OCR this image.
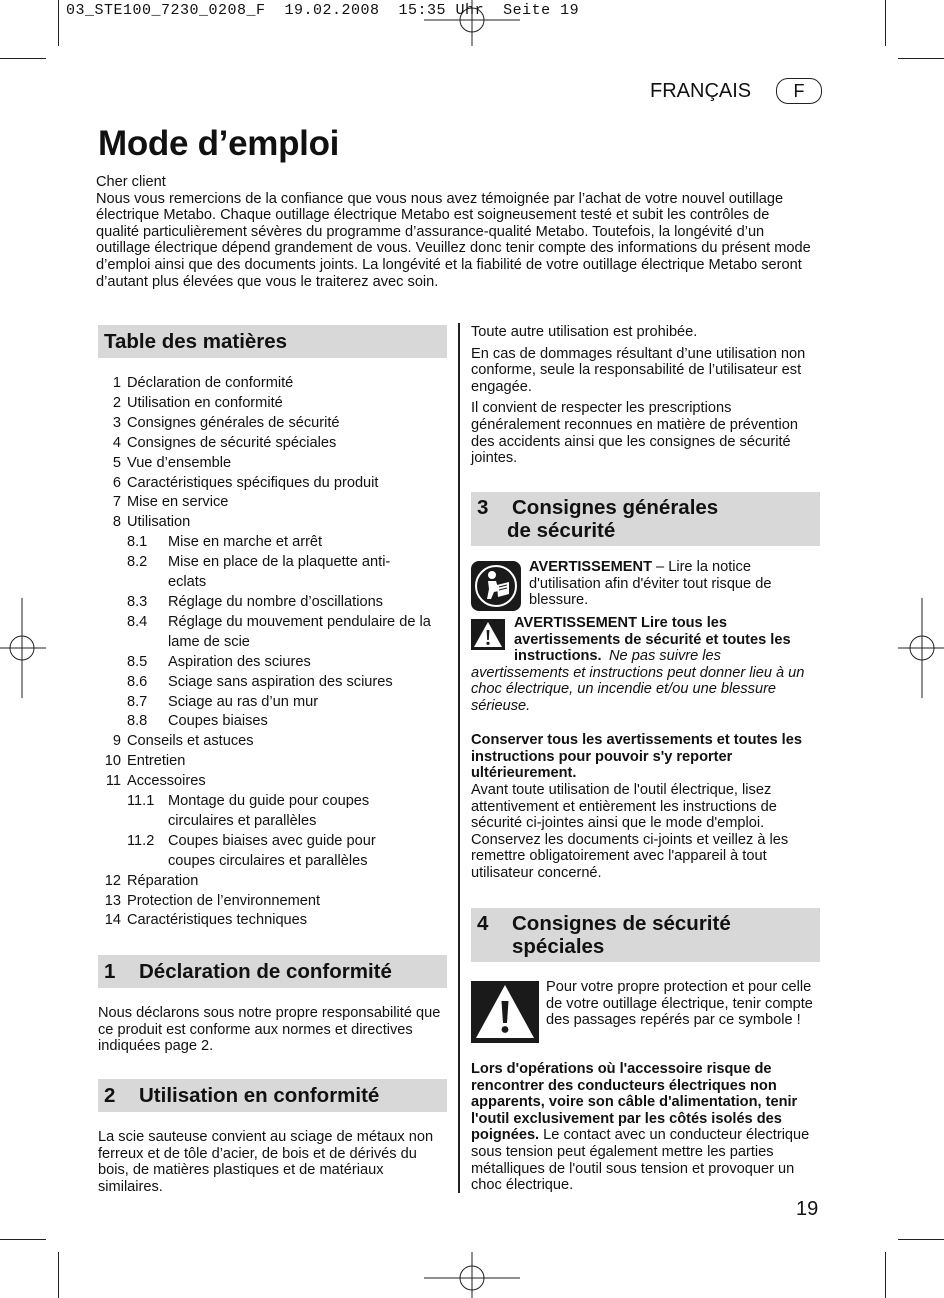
03_STE100_7230_0208_F  19.02.2008  15:35 Uhr  Seite 19
FRANÇAIS	F
Mode d’emploi

Cher client

Nous vous remercions de la confiance que vous nous avez témoignée par l’achat de votre nouvel outillage électrique Metabo. Chaque outillage électrique Metabo est soigneusement testé et subit les contrôles de qualité particulièrement sévères du programme d’assurance-qualité Metabo. Toutefois, la longévité d’un outillage électrique dépend grandement de vous. Veuillez donc tenir compte des informations du présent mode d’emploi ainsi que des documents joints. La longévité et la fiabilité de votre outillage électrique Metabo seront d’autant plus élevées que vous le traiterez avec soin.

Table des matières
1 Déclaration de conformité
2 Utilisation en conformité
3 Consignes générales de sécurité
4 Consignes de sécurité spéciales
5 Vue d’ensemble
6 Caractéristiques spécifiques du produit
7 Mise en service
8 Utilisation
8.1	Mise en marche et arrêt
8.2	Mise en place de la plaquette anti-eclats
8.3	Réglage du nombre d’oscillations
8.4	Réglage du mouvement pendulaire de la lame de scie
8.5	Aspiration des sciures
8.6	Sciage sans aspiration des sciures
8.7	Sciage au ras d’un mur
8.8	Coupes biaises
9 Conseils et astuces
10 Entretien
11 Accessoires
11.1 Montage du guide pour coupes circulaires et parallèles
11.2 Coupes biaises avec guide pour coupes circulaires et parallèles
12 Réparation
13 Protection de l’environnement
14 Caractéristiques techniques
1	Déclaration de conformité
Nous déclarons sous notre propre responsabilité que ce produit est conforme aux normes et directives indiquées page 2.
2	Utilisation en conformité
La scie sauteuse convient au sciage de métaux non ferreux et de tôle d’acier, de bois et de dérivés du bois, de matières plastiques et de matériaux similaires.

Toute autre utilisation est prohibée.

En cas de dommages résultant d’une utilisation non conforme, seule la responsabilité de l’utilisateur est engagée.

Il convient de respecter les prescriptions généralement reconnues en matière de prévention des accidents ainsi que les consignes de sécurité jointes.

3 Consignes générales
de sécurité
AVERTISSEMENT – Lire la notice d'utilisation afin d'éviter tout risque de blessure.
AVERTISSEMENT Lire tous les avertissements de sécurité et toutes les instructions. Ne pas suivre les avertissements et instructions peut donner lieu à un choc électrique, un incendie et/ou une blessure sérieuse.
Conserver tous les avertissements et toutes les instructions pour pouvoir s'y reporter ultérieurement.
Avant toute utilisation de l'outil électrique, lisez attentivement et entièrement les instructions de sécurité ci-jointes ainsi que le mode d'emploi. Conservez les documents ci-joints et veillez à les remettre obligatoirement avec l'appareil à tout utilisateur concerné.
4	Consignes de sécurité
spéciales
Pour votre propre protection et pour celle de votre outillage électrique, tenir compte des passages repérés par ce symbole !
Lors d'opérations où l'accessoire risque de rencontrer des conducteurs électriques non apparents, voire son câble d'alimentation, tenir l'outil exclusivement par les côtés isolés des poignées. Le contact avec un conducteur électrique sous tension peut également mettre les parties métalliques de l'outil sous tension et provoquer un choc électrique.
19
